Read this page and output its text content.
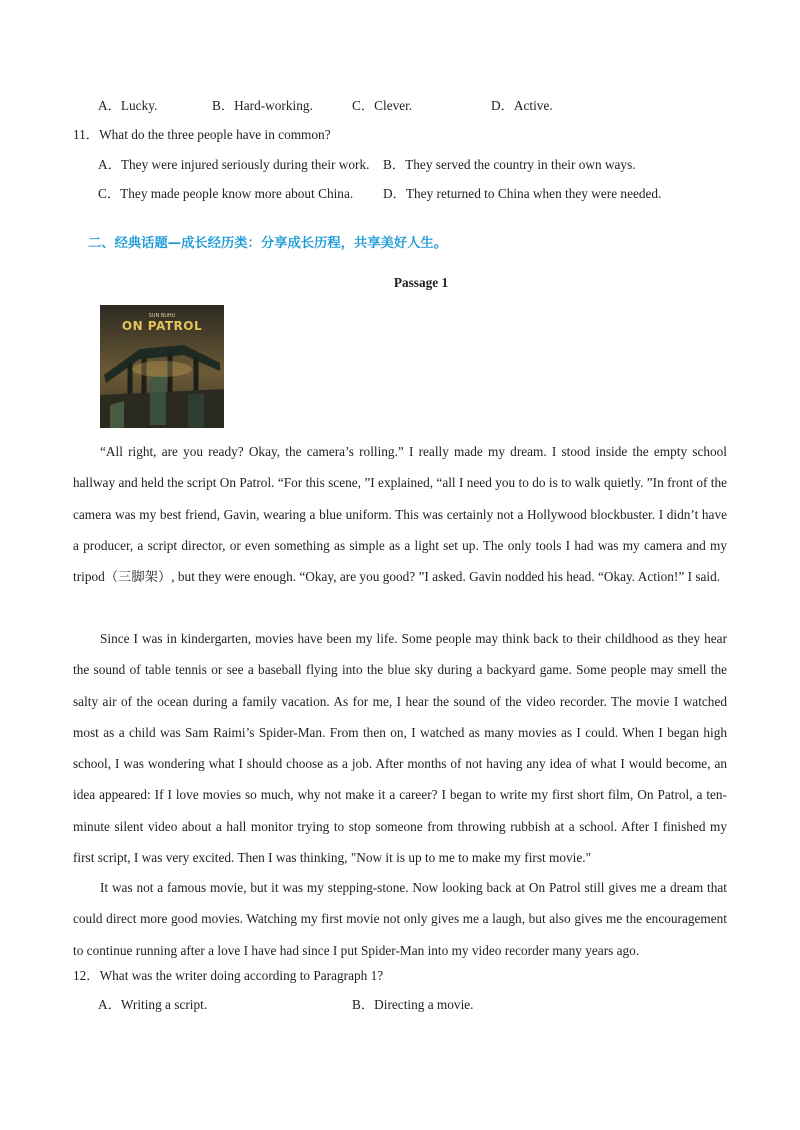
A．Lucky.	B．Hard-working.	C．Clever.	D．Active.
11．What do the three people have in common?
A．They were injured seriously during their work. B．They served the country in their own ways.
C．They made people know more about China. D．They returned to China when they were needed.
二、经典话题—成长经历类：分享成长历程，共享美好人生。
Passage 1
SUN BUHU
ON PATROL
“All right, are you ready? Okay, the camera’s rolling.” I really made my dream. I stood inside the empty school hallway and held the script On Patrol. “For this scene, ”I explained, “all I need you to do is to walk quietly. ”In front of the camera was my best friend, Gavin, wearing a blue uniform. This was certainly not a Hollywood blockbuster. I didn’t have a producer, a script director, or even something as simple as a light set up. The only tools I had was my camera and my tripod（三脚架）, but they were enough. “Okay, are you good? ”I asked. Gavin nodded his head. “Okay. Action!” I said.
Since I was in kindergarten, movies have been my life. Some people may think back to their childhood as they hear the sound of table tennis or see a baseball flying into the blue sky during a backyard game. Some people may smell the salty air of the ocean during a family vacation. As for me, I hear the sound of the video recorder. The movie I watched most as a child was Sam Raimi’s Spider-Man. From then on, I watched as many movies as I could. When I began high school, I was wondering what I should choose as a job. After months of not having any idea of what I would become, an idea appeared: If I love movies so much, why not make it a career? I began to write my first short film, On Patrol, a ten-minute silent video about a hall monitor trying to stop someone from throwing rubbish at a school. After I finished my first script, I was very excited. Then I was thinking, "Now it is up to me to make my first movie."
It was not a famous movie, but it was my stepping-stone. Now looking back at On Patrol still gives me a dream that could direct more good movies. Watching my first movie not only gives me a laugh, but also gives me the encouragement to continue running after a love I have had since I put Spider-Man into my video recorder many years ago.
12．What was the writer doing according to Paragraph 1?
A．Writing a script.	B．Directing a movie.
